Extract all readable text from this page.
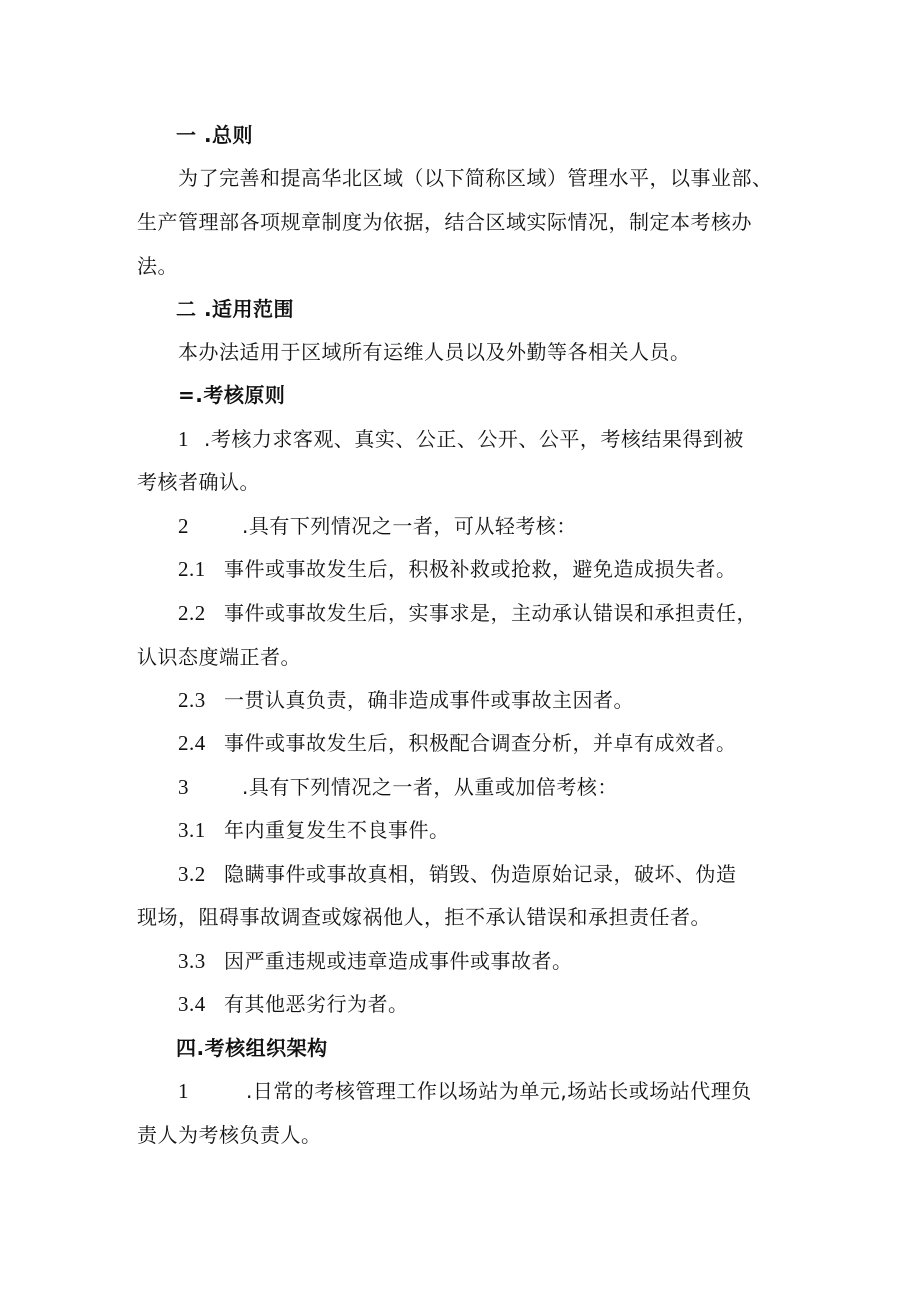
一 .总则
为了完善和提高华北区域（以下简称区域）管理水平，以事业部、
生产管理部各项规章制度为依据，结合区域实际情况，制定本考核办
法。
二 .适用范围
本办法适用于区域所有运维人员以及外勤等各相关人员。
=.考核原则
1 .考核力求客观、真实、公正、公开、公平，考核结果得到被
考核者确认。
2	.具有下列情况之一者，可从轻考核：
2.1 事件或事故发生后，积极补救或抢救，避免造成损失者。
2.2 事件或事故发生后，实事求是，主动承认错误和承担责任，
认识态度端正者。
2.3 一贯认真负责，确非造成事件或事故主因者。
2.4 事件或事故发生后，积极配合调查分析，并卓有成效者。
3	.具有下列情况之一者，从重或加倍考核：
3.1 年内重复发生不良事件。
3.2 隐瞒事件或事故真相，销毁、伪造原始记录，破坏、伪造
现场，阻碍事故调查或嫁祸他人，拒不承认错误和承担责任者。
3.3 因严重违规或违章造成事件或事故者。
3.4 有其他恶劣行为者。
四.考核组织架构
1	.日常的考核管理工作以场站为单元,场站长或场站代理负
责人为考核负责人。
